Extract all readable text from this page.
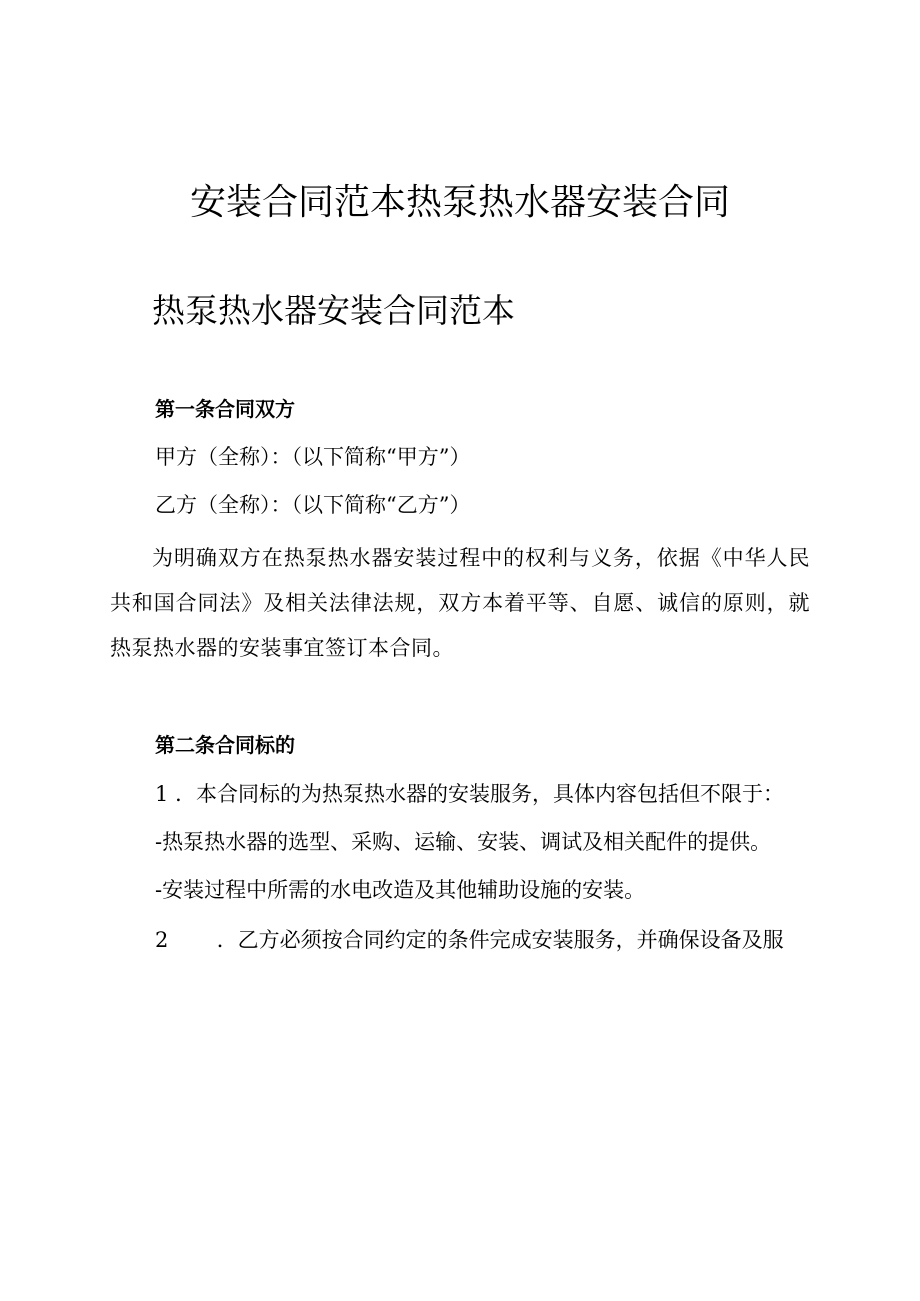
安装合同范本热泵热水器安装合同
热泵热水器安装合同范本

第一条合同双方

甲方（全称）：（以下简称“甲方”）

乙方（全称）：（以下简称“乙方”）

为明确双方在热泵热水器安装过程中的权利与义务，依据《中华人民共和国合同法》及相关法律法规，双方本着平等、自愿、诚信的原则，就热泵热水器的安装事宜签订本合同。

第二条合同标的

1 ．本合同标的为热泵热水器的安装服务，具体内容包括但不限于：

-热泵热水器的选型、采购、运输、安装、调试及相关配件的提供。

-安装过程中所需的水电改造及其他辅助设施的安装。

2 ．乙方必须按合同约定的条件完成安装服务，并确保设备及服
